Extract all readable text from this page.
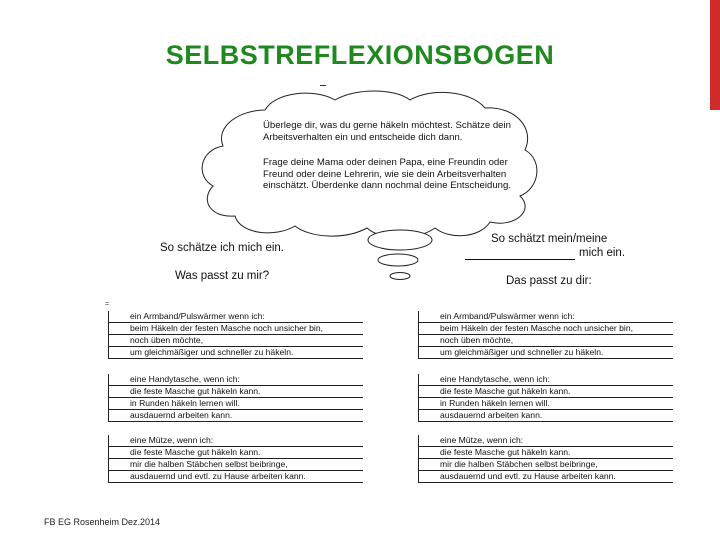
SELBSTREFLEXIONSBOGEN
Überlege dir, was du gerne häkeln möchtest. Schätze dein Arbeitsverhalten ein und entscheide dich dann.
Frage deine Mama oder deinen Papa, eine Freundin oder Freund oder deine Lehrerin, wie sie dein Arbeitsverhalten einschätzt. Überdenke dann nochmal deine Entscheidung.
So schätze ich mich ein.
Was passt zu mir?
So schätzt mein/meine
mich ein.
Das passt zu dir:
=
ein Armband/Pulswärmer wenn ich:
beim Häkeln der festen Masche noch unsicher bin,
noch üben möchte,
um gleichmäßiger und schneller zu häkeln.
eine Handytasche, wenn ich:
die feste Masche gut häkeln kann.
in Runden häkeln lernen will.
ausdauernd arbeiten kann.
eine Mütze, wenn ich:
die feste Masche gut häkeln kann.
mir die halben Stäbchen selbst beibringe,
ausdauernd und evtl. zu Hause arbeiten kann.
ein Armband/Pulswärmer wenn ich:
beim Häkeln der festen Masche noch unsicher bin,
noch üben möchte,
um gleichmäßiger und schneller zu häkeln.
eine Handytasche, wenn ich:
die feste Masche gut häkeln kann.
in Runden häkeln lernen will.
ausdauernd arbeiten kann.
eine Mütze, wenn ich:
die feste Masche gut häkeln kann.
mir die halben Stäbchen selbst beibringe,
ausdauernd und evtl. zu Hause arbeiten kann.
FB EG Rosenheim Dez.2014
